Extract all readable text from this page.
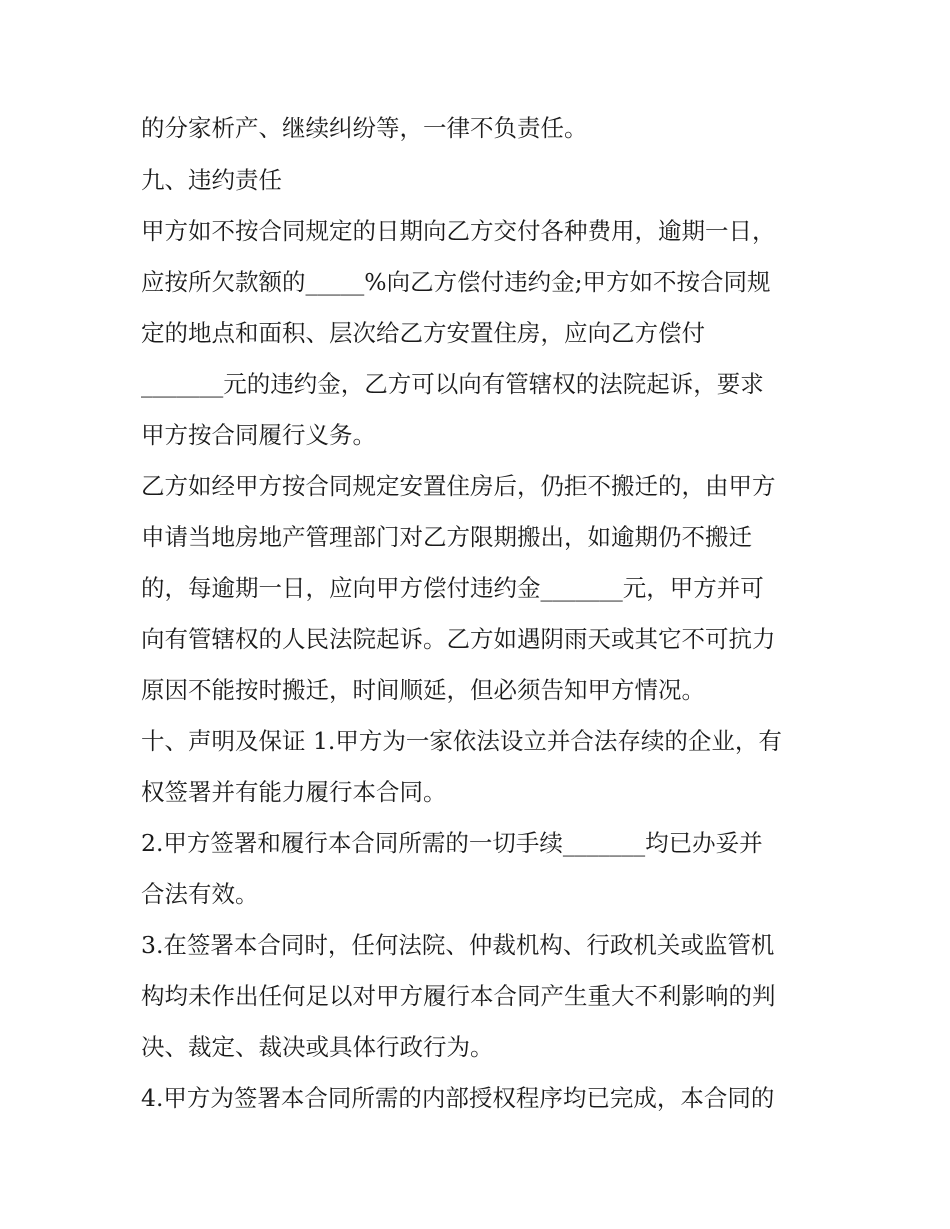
的分家析产、继续纠纷等，一律不负责任。
九、违约责任
甲方如不按合同规定的日期向乙方交付各种费用，逾期一日，
应按所欠款额的_____%向乙方偿付违约金;甲方如不按合同规
定的地点和面积、层次给乙方安置住房，应向乙方偿付
_______元的违约金，乙方可以向有管辖权的法院起诉，要求
甲方按合同履行义务。
乙方如经甲方按合同规定安置住房后，仍拒不搬迁的，由甲方
申请当地房地产管理部门对乙方限期搬出，如逾期仍不搬迁
的，每逾期一日，应向甲方偿付违约金_______元，甲方并可
向有管辖权的人民法院起诉。乙方如遇阴雨天或其它不可抗力
原因不能按时搬迁，时间顺延，但必须告知甲方情况。
十、声明及保证 1.甲方为一家依法设立并合法存续的企业，有
权签署并有能力履行本合同。
2.甲方签署和履行本合同所需的一切手续_______均已办妥并
合法有效。
3.在签署本合同时，任何法院、仲裁机构、行政机关或监管机
构均未作出任何足以对甲方履行本合同产生重大不利影响的判
决、裁定、裁决或具体行政行为。
4.甲方为签署本合同所需的内部授权程序均已完成，本合同的
